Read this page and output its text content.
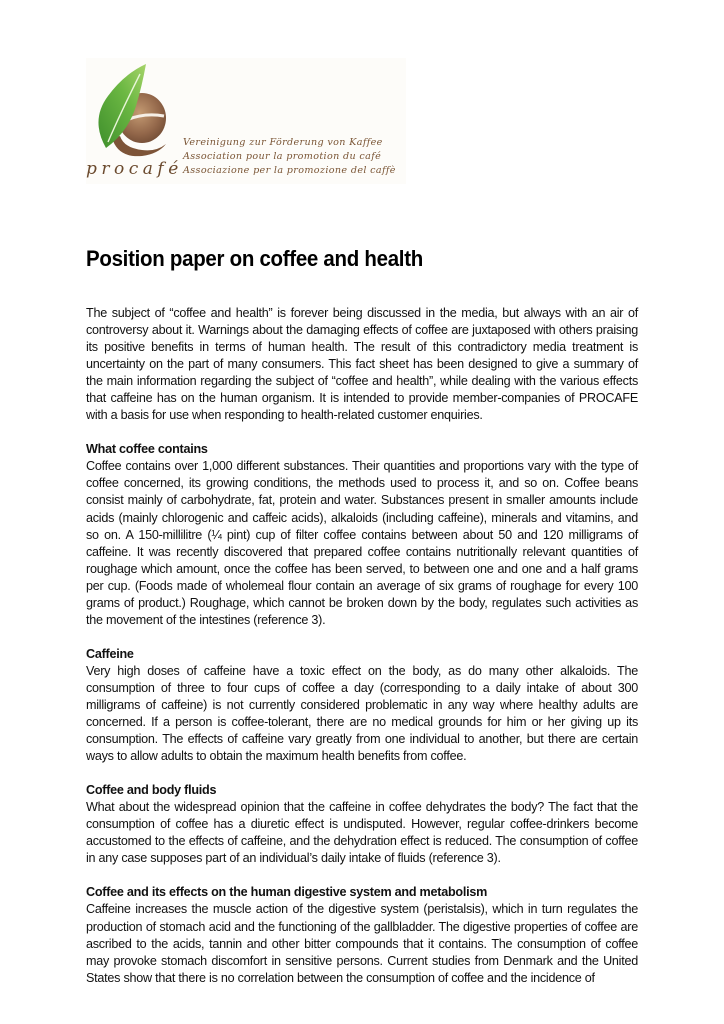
procafé
Vereinigung zur Förderung von Kaffee
Association pour la promotion du café
Associazione per la promozione del caffè
Position paper on coffee and health

The subject of “coffee and health” is forever being discussed in the media, but always with an air of controversy about it. Warnings about the damaging effects of coffee are juxtaposed with others praising its positive benefits in terms of human health. The result of this contradictory media treatment is uncertainty on the part of many consumers. This fact sheet has been designed to give a summary of the main information regarding the subject of “coffee and health”, while dealing with the various effects that caffeine has on the human organism. It is intended to provide member-companies of PROCAFE with a basis for use when responding to health-related customer enquiries.

What coffee contains

Coffee contains over 1,000 different substances. Their quantities and proportions vary with the type of coffee concerned, its growing conditions, the methods used to process it, and so on. Coffee beans consist mainly of carbohydrate, fat, protein and water. Substances present in smaller amounts include acids (mainly chlorogenic and caffeic acids), alkaloids (including caffeine), minerals and vitamins, and so on. A 150-millilitre (¼ pint) cup of filter coffee contains between about 50 and 120 milligrams of caffeine. It was recently discovered that prepared coffee contains nutritionally relevant quantities of roughage which amount, once the coffee has been served, to between one and one and a half grams per cup. (Foods made of wholemeal flour contain an average of six grams of roughage for every 100 grams of product.) Roughage, which cannot be broken down by the body, regulates such activities as the movement of the intestines (reference 3).

Caffeine

Very high doses of caffeine have a toxic effect on the body, as do many other alkaloids. The consumption of three to four cups of coffee a day (corresponding to a daily intake of about 300 milligrams of caffeine) is not currently considered problematic in any way where healthy adults are concerned. If a person is coffee-tolerant, there are no medical grounds for him or her giving up its consumption. The effects of caffeine vary greatly from one individual to another, but there are certain ways to allow adults to obtain the maximum health benefits from coffee.

Coffee and body fluids

What about the widespread opinion that the caffeine in coffee dehydrates the body? The fact that the consumption of coffee has a diuretic effect is undisputed. However, regular coffee-drinkers become accustomed to the effects of caffeine, and the dehydration effect is reduced. The consumption of coffee in any case supposes part of an individual’s daily intake of fluids (reference 3).

Coffee and its effects on the human digestive system and metabolism

Caffeine increases the muscle action of the digestive system (peristalsis), which in turn regulates the production of stomach acid and the functioning of the gallbladder. The digestive properties of coffee are ascribed to the acids, tannin and other bitter compounds that it contains. The consumption of coffee may provoke stomach discomfort in sensitive persons. Current studies from Denmark and the United States show that there is no correlation between the consumption of coffee and the incidence of
